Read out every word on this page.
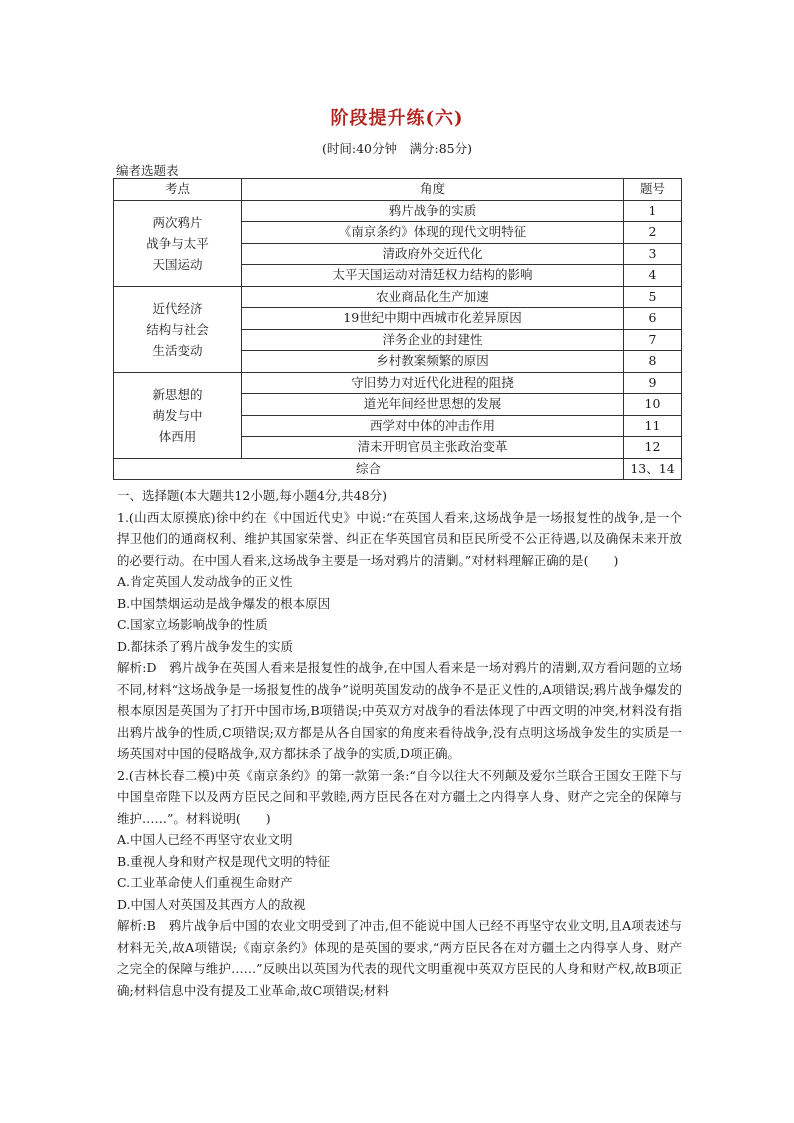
阶段提升练(六)
(时间:40分钟　满分:85分)
编者选题表
考点	角度	题号

两次鸦片
战争与太平
天国运动	鸦片战争的实质	1
	《南京条约》体现的现代文明特征	2
	清政府外交近代化	3
	太平天国运动对清廷权力结构的影响	4

近代经济
结构与社会
生活变动	农业商品化生产加速	5
	19世纪中期中西城市化差异原因	6
	洋务企业的封建性	7
	乡村教案频繁的原因	8

新思想的
萌发与中
体西用	守旧势力对近代化进程的阻挠	9
	道光年间经世思想的发展	10
	西学对中体的冲击作用	11
	清末开明官员主张政治变革	12
综合		13、14

一、选择题(本大题共12小题,每小题4分,共48分)

1.(山西太原摸底)徐中约在《中国近代史》中说:“在英国人看来,这场战争是一场报复性的战争,是一个捍卫他们的通商权利、维护其国家荣誉、纠正在华英国官员和臣民所受不公正待遇,以及确保未来开放的必要行动。在中国人看来,这场战争主要是一场对鸦片的清剿。”对材料理解正确的是(　　)

A.肯定英国人发动战争的正义性

B.中国禁烟运动是战争爆发的根本原因

C.国家立场影响战争的性质

D.都抹杀了鸦片战争发生的实质

解析:D　鸦片战争在英国人看来是报复性的战争,在中国人看来是一场对鸦片的清剿,双方看问题的立场不同,材料“这场战争是一场报复性的战争”说明英国发动的战争不是正义性的,A项错误;鸦片战争爆发的根本原因是英国为了打开中国市场,B项错误;中英双方对战争的看法体现了中西文明的冲突,材料没有指出鸦片战争的性质,C项错误;双方都是从各自国家的角度来看待战争,没有点明这场战争发生的实质是一场英国对中国的侵略战争,双方都抹杀了战争的实质,D项正确。

2.(吉林长春二模)中英《南京条约》的第一款第一条:“自今以往大不列颠及爱尔兰联合王国女王陛下与中国皇帝陛下以及两方臣民之间和平敦睦,两方臣民各在对方疆土之内得享人身、财产之完全的保障与维护……”。材料说明(　　)

A.中国人已经不再坚守农业文明

B.重视人身和财产权是现代文明的特征

C.工业革命使人们重视生命财产

D.中国人对英国及其西方人的敌视

解析:B　鸦片战争后中国的农业文明受到了冲击,但不能说中国人已经不再坚守农业文明,且A项表述与材料无关,故A项错误;《南京条约》体现的是英国的要求,“两方臣民各在对方疆土之内得享人身、财产之完全的保障与维护……”反映出以英国为代表的现代文明重视中英双方臣民的人身和财产权,故B项正确;材料信息中没有提及工业革命,故C项错误;材料
